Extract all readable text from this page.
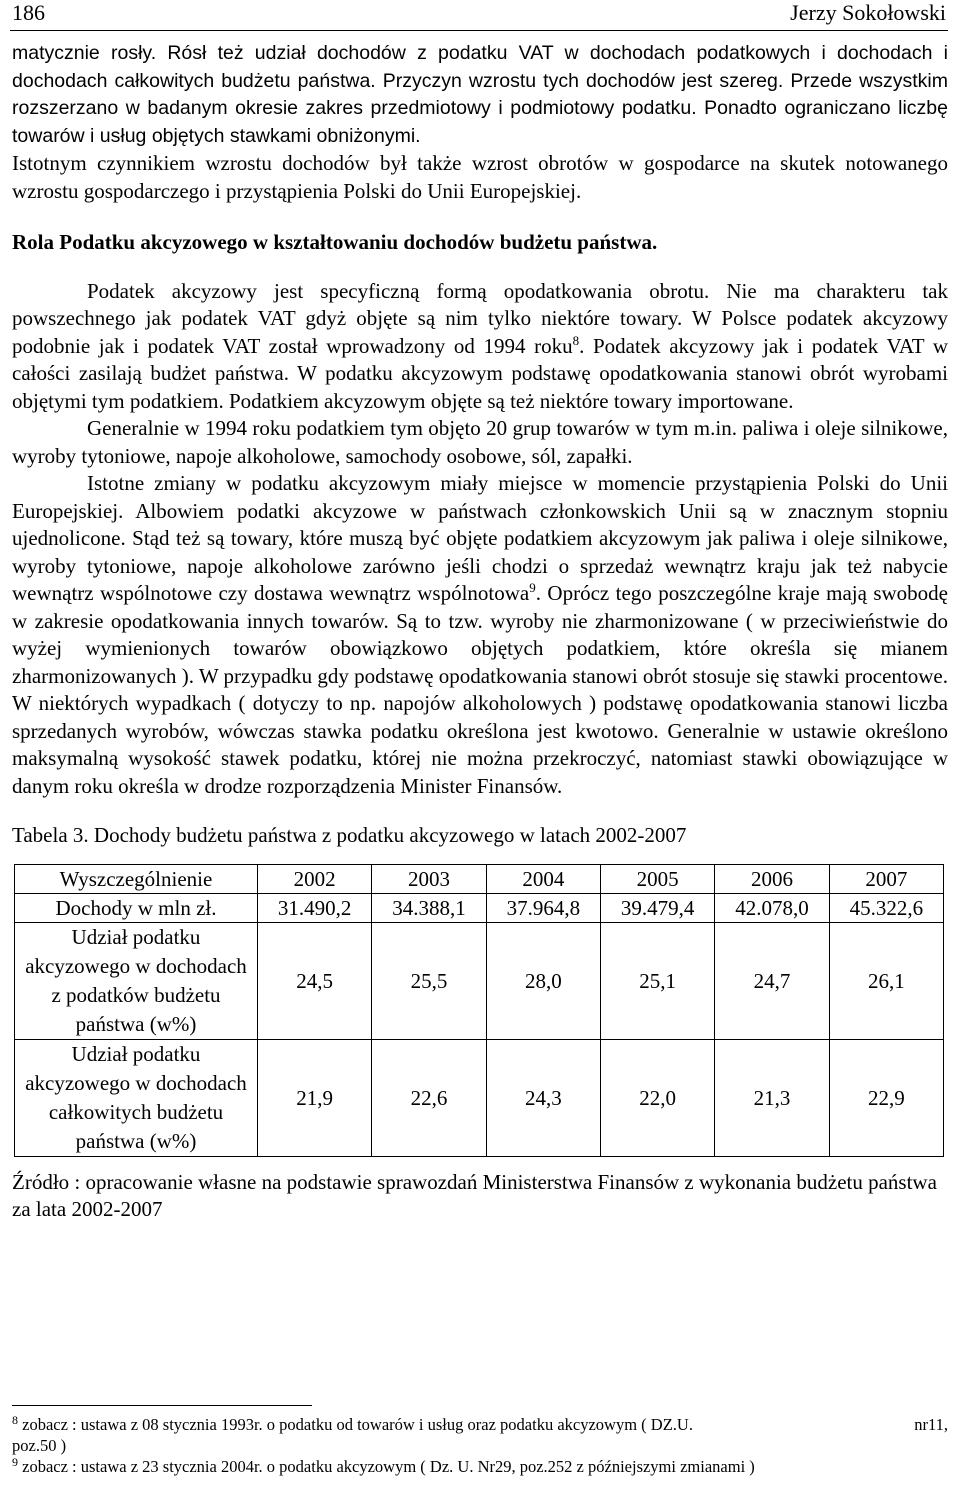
186	Jerzy Sokołowski

matycznie rosły. Rósł też udział dochodów z podatku VAT w dochodach podatkowych i dochodach i dochodach całkowitych budżetu państwa. Przyczyn wzrostu tych dochodów jest szereg. Przede wszystkim rozszerzano w badanym okresie zakres przedmiotowy i podmiotowy podatku. Ponadto ograniczano liczbę towarów i usług objętych stawkami obniżonymi.

Istotnym czynnikiem wzrostu dochodów był także wzrost obrotów w gospodarce na skutek notowanego wzrostu gospodarczego i przystąpienia Polski do Unii Europejskiej.

Rola Podatku akcyzowego w kształtowaniu dochodów budżetu państwa.

Podatek akcyzowy jest specyficzną formą opodatkowania obrotu. Nie ma charakteru tak powszechnego jak podatek VAT gdyż objęte są nim tylko niektóre towary. W Polsce podatek akcyzowy podobnie jak i podatek VAT został wprowadzony od 1994 roku$^8$. Podatek akcyzowy jak i podatek VAT w całości zasilają budżet państwa. W podatku akcyzowym podstawę opodatkowania stanowi obrót wyrobami objętymi tym podatkiem. Podatkiem akcyzowym objęte są też niektóre towary importowane.

Generalnie w 1994 roku podatkiem tym objęto 20 grup towarów w tym m.in. paliwa i oleje silnikowe, wyroby tytoniowe, napoje alkoholowe, samochody osobowe, sól, zapałki.

Istotne zmiany w podatku akcyzowym miały miejsce w momencie przystąpienia Polski do Unii Europejskiej. Albowiem podatki akcyzowe w państwach członkowskich Unii są w znacznym stopniu ujednolicone. Stąd też są towary, które muszą być objęte podatkiem akcyzowym jak paliwa i oleje silnikowe, wyroby tytoniowe, napoje alkoholowe zarówno jeśli chodzi o sprzedaż wewnątrz kraju jak też nabycie wewnątrz wspólnotowe czy dostawa wewnątrz wspólnotowa$^9$. Oprócz tego poszczególne kraje mają swobodę w zakresie opodatkowania innych towarów. Są to tzw. wyroby nie zharmonizowane ( w przeciwieństwie do wyżej wymienionych towarów obowiązkowo objętych podatkiem, które określa się mianem zharmonizowanych ). W przypadku gdy podstawę opodatkowania stanowi obrót stosuje się stawki procentowe. W niektórych wypadkach ( dotyczy to np. napojów alkoholowych ) podstawę opodatkowania stanowi liczba sprzedanych wyrobów, wówczas stawka podatku określona jest kwotowo. Generalnie w ustawie określono maksymalną wysokość stawek podatku, której nie można przekroczyć, natomiast stawki obowiązujące w danym roku określa w drodze rozporządzenia Minister Finansów.

Tabela 3. Dochody budżetu państwa z podatku akcyzowego w latach 2002-2007

Wyszczególnienie	2002	2003	2004	2005	2006	2007
Dochody w mln zł.	31.490,2	34.388,1	37.964,8	39.479,4	42.078,0	45.322,6
Udział podatku akcyzowego w dochodach z podatków budżetu państwa (w%)	24,5	25,5	28,0	25,1	24,7	26,1
Udział podatku akcyzowego w dochodach całkowitych budżetu państwa (w%)	21,9	22,6	24,3	22,0	21,3	22,9

Źródło : opracowanie własne na podstawie sprawozdań Ministerstwa Finansów z wykonania budżetu państwa za lata 2002-2007

$^8$ zobacz : ustawa z 08 stycznia 1993r. o podatku od towarów i usług oraz podatku akcyzowym ( DZ.U.	nr11,

poz.50 )

$^9$ zobacz : ustawa z 23 stycznia 2004r. o podatku akcyzowym ( Dz. U. Nr29, poz.252 z późniejszymi zmianami )
